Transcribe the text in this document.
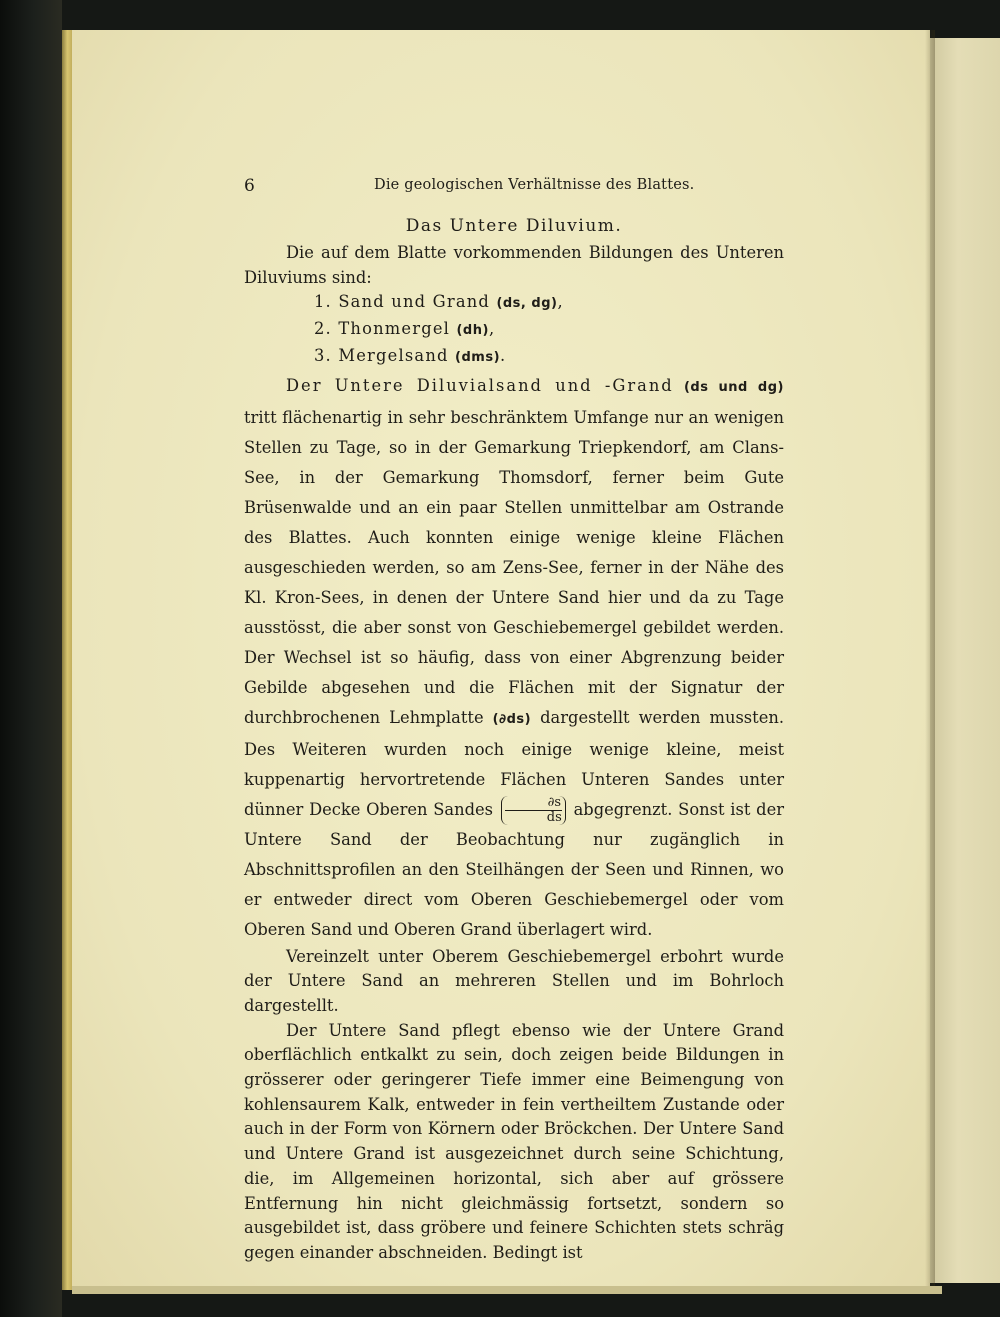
6	Die geologischen Verhältnisse des Blattes.
Das Untere Diluvium.

Die auf dem Blatte vorkommenden Bildungen des Unteren Diluviums sind:

1. Sand und Grand (ds, dg),
2. Thonmergel (dh),
3. Mergelsand (dms).

Der Untere Diluvialsand und -Grand (ds und dg) tritt flächenartig in sehr beschränktem Umfange nur an wenigen Stellen zu Tage, so in der Gemarkung Triepkendorf, am Clans-See, in der Gemarkung Thomsdorf, ferner beim Gute Brüsenwalde und an ein paar Stellen unmittelbar am Ostrande des Blattes. Auch konnten einige wenige kleine Flächen ausgeschieden werden, so am Zens-See, ferner in der Nähe des Kl. Kron-Sees, in denen der Untere Sand hier und da zu Tage ausstösst, die aber sonst von Geschiebemergel gebildet werden. Der Wechsel ist so häufig, dass von einer Abgrenzung beider Gebilde abgesehen und die Flächen mit der Signatur der durchbrochenen Lehmplatte (∂ds) dargestellt werden mussten. Des Weiteren wurden noch einige wenige kleine, meist kuppenartig hervortretende Flächen Unteren Sandes unter dünner Decke Oberen Sandes $\frac{\partial s}{ds}$ abgegrenzt. Sonst ist der Untere Sand der Beobachtung nur zugänglich in Abschnittsprofilen an den Steilhängen der Seen und Rinnen, wo er entweder direct vom Oberen Geschiebemergel oder vom Oberen Sand und Oberen Grand überlagert wird.

Vereinzelt unter Oberem Geschiebemergel erbohrt wurde der Untere Sand an mehreren Stellen und im Bohrloch dargestellt.

Der Untere Sand pflegt ebenso wie der Untere Grand oberflächlich entkalkt zu sein, doch zeigen beide Bildungen in grösserer oder geringerer Tiefe immer eine Beimengung von kohlensaurem Kalk, entweder in fein vertheiltem Zustande oder auch in der Form von Körnern oder Bröckchen. Der Untere Sand und Untere Grand ist ausgezeichnet durch seine Schichtung, die, im Allgemeinen horizontal, sich aber auf grössere Entfernung hin nicht gleichmässig fortsetzt, sondern so ausgebildet ist, dass gröbere und feinere Schichten stets schräg gegen einander abschneiden. Bedingt ist
